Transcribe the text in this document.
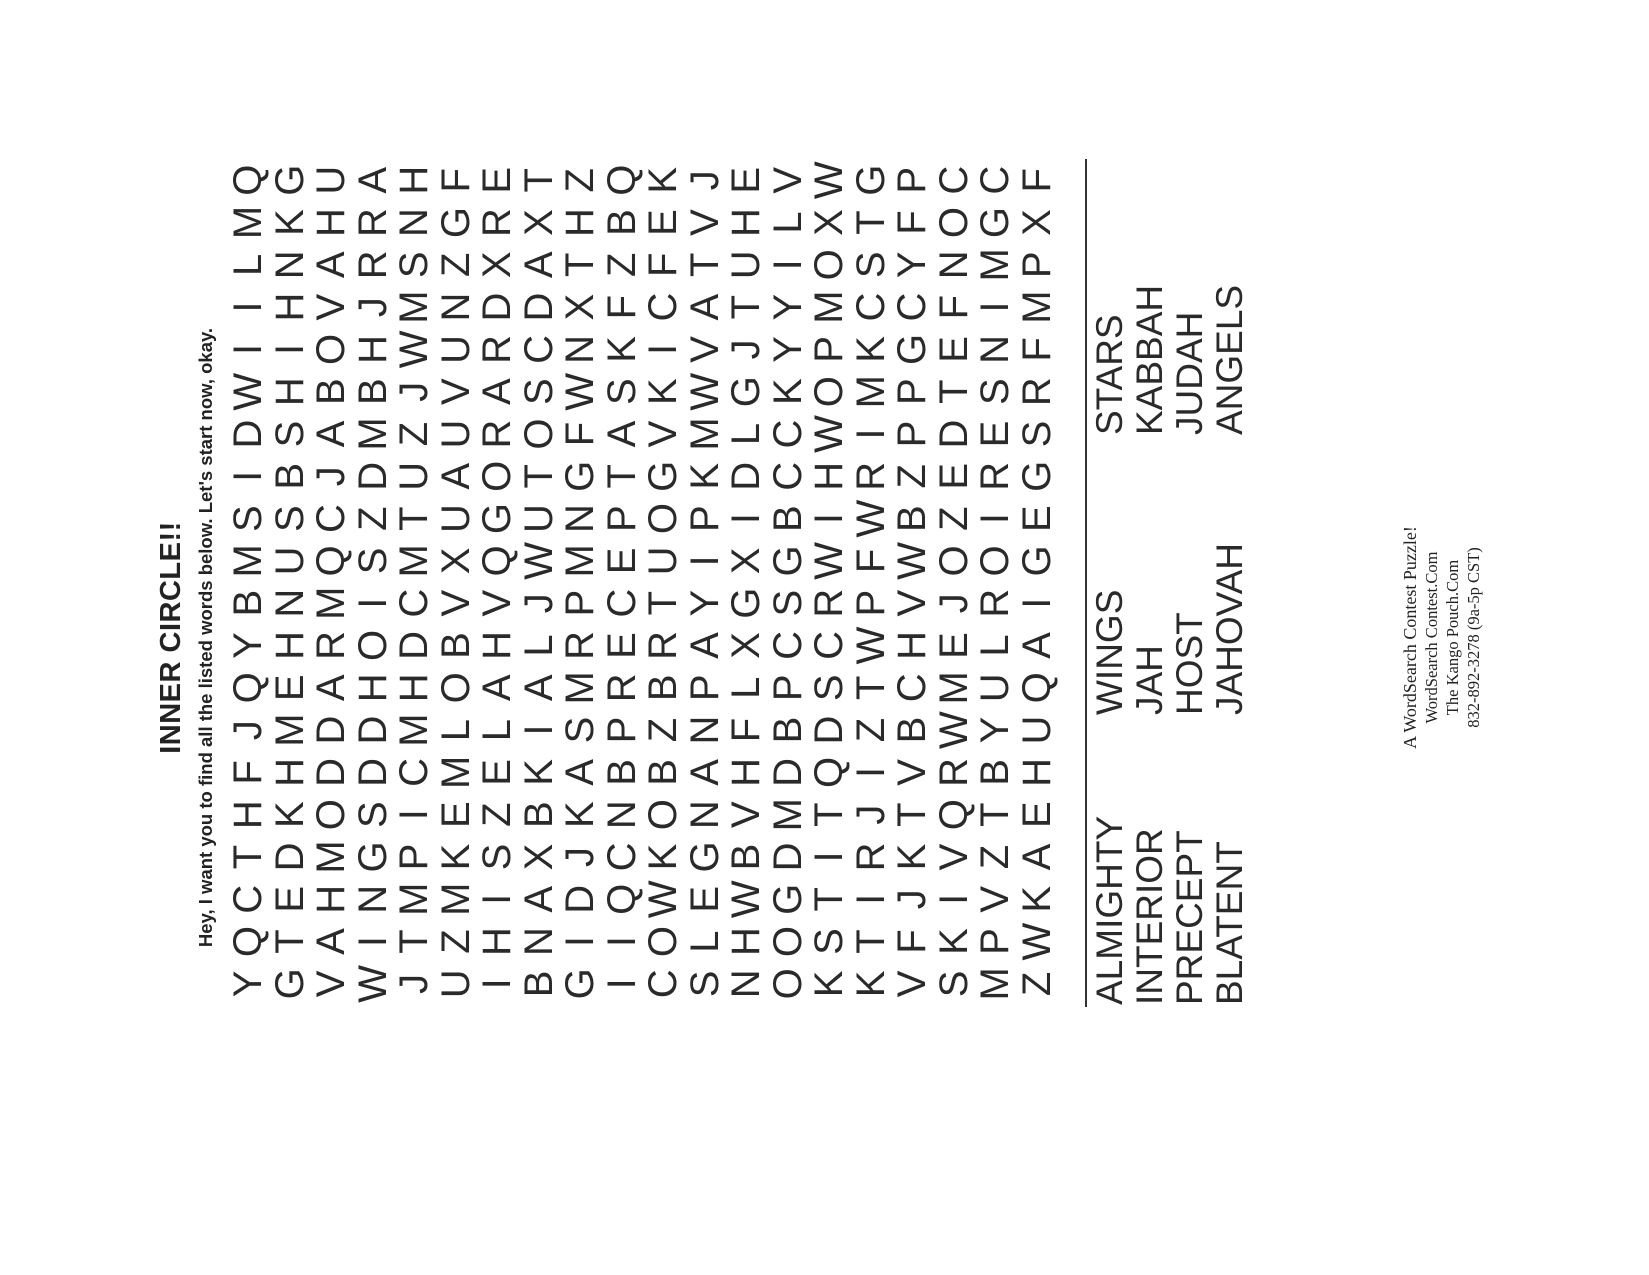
INNER CIRCLE!! Hey, I want you to find all the listed words below. Let's start now, okay.

Y
Q
C
T
H
F
J
Q
Y
B
M
S
I
D
W
I
I
L
M
Q
G
T
E
D
K
H
M
E
H
N
U
S
B
S
H
I
H
N
K
G
V
A
H
M
O
D
D
A
R
M
Q
C
J
A
B
O
V
A
H
U
W
I
N
G
S
D
D
H
O
I
S
Z
D
M
B
H
J
R
R
A
J
T
M
P
I
C
M
H
D
C
M
T
U
Z
J
W
M
S
N
H
U
Z
M
K
E
M
L
O
B
V
X
U
A
U
V
U
N
Z
G
F
I
H
I
S
Z
E
L
A
H
V
Q
G
O
R
A
R
D
X
R
E
B
N
A
X
B
K
I
A
L
J
W
U
T
O
S
C
D
A
X
T
G
I
D
J
K
A
S
M
R
P
M
N
G
F
W
N
X
T
H
Z
I
I
Q
C
N
B
P
R
E
C
E
P
T
A
S
K
F
Z
B
Q
C
O
W
K
O
B
Z
B
R
T
U
O
G
V
K
I
C
F
E
K
S
L
E
G
N
A
N
P
A
Y
I
P
K
M
W
V
A
T
V
J
N
H
W
B
V
H
F
L
X
G
X
I
D
L
G
J
T
U
H
E
O
O
G
D
M
D
B
P
C
S
G
B
C
C
K
Y
Y
I
L
V
K
S
T
I
T
Q
D
S
C
R
W
I
H
W
O
P
M
O
X
W
K
T
I
R
J
I
Z
T
W
P
F
W
R
I
M
K
C
S
T
G
V
F
J
K
T
V
B
C
H
V
W
B
Z
P
P
G
C
Y
F
P
S
K
I
V
Q
R
W
M
E
J
O
Z
E
D
T
E
F
N
O
C
M
P
V
Z
T
B
Y
U
L
R
O
I
R
E
S
N
I
M
G
C
Z
W
K
A
E
H
U
Q
A
I
G
E
G
S
R
F
M
P
X
F
ALMIGHTY INTERIOR PRECEPT BLATENT
WINGS JAH HOST JAHOVAH
STARS KABBAH JUDAH ANGELS
A WordSearch Contest Puzzle! WordSearch Contest.Com The Kango Pouch.Com 832-892-3278 (9a-5p CST)
